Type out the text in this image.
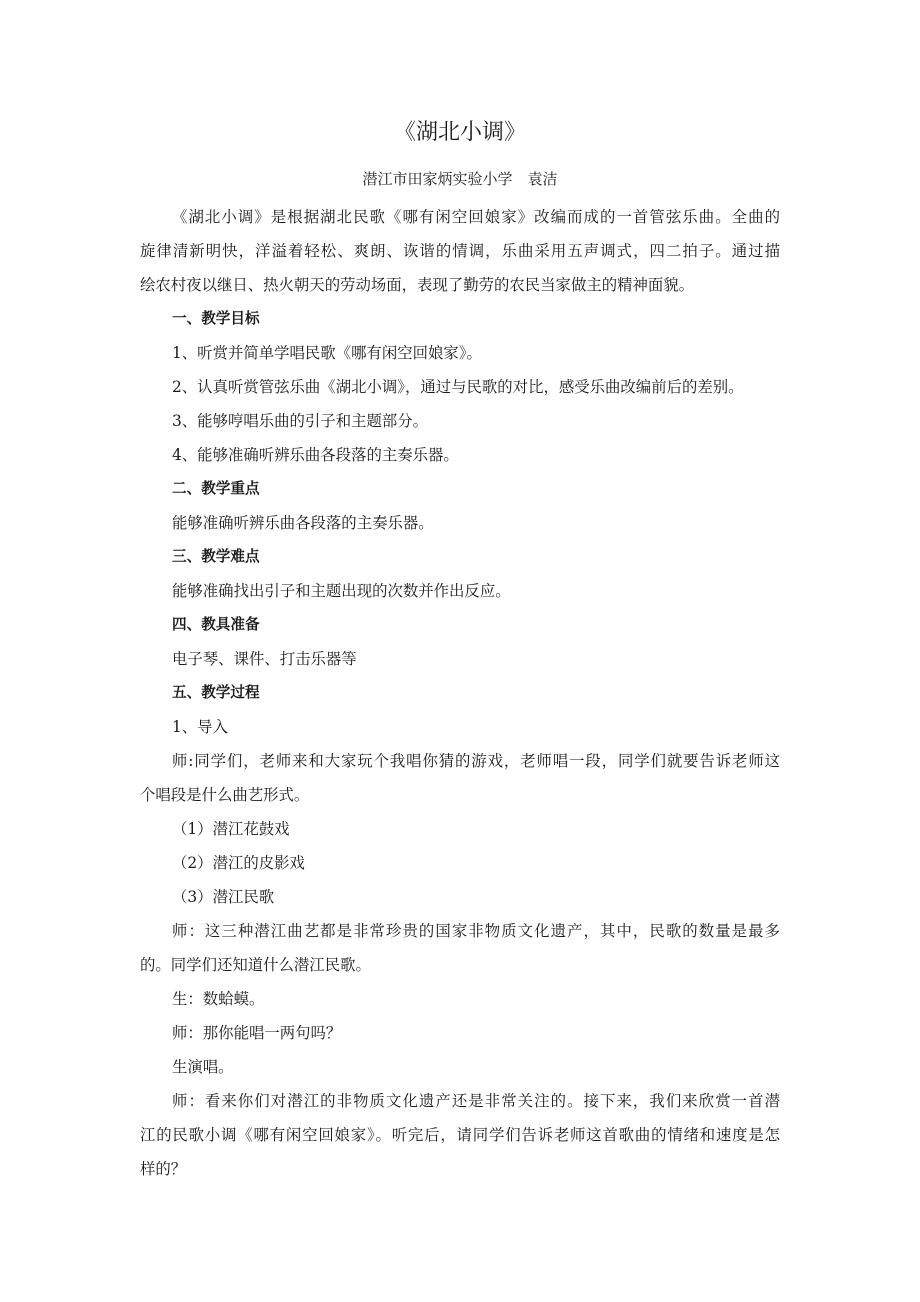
《湖北小调》
潜江市田家炳实验小学　袁洁
《湖北小调》是根据湖北民歌《哪有闲空回娘家》改编而成的一首管弦乐曲。全曲的
旋律清新明快，洋溢着轻松、爽朗、诙谐的情调，乐曲采用五声调式，四二拍子。通过描
绘农村夜以继日、热火朝天的劳动场面，表现了勤劳的农民当家做主的精神面貌。
一、教学目标
1、听赏并简单学唱民歌《哪有闲空回娘家》。
2、认真听赏管弦乐曲《湖北小调》，通过与民歌的对比，感受乐曲改编前后的差别。
3、能够哼唱乐曲的引子和主题部分。
4、能够准确听辨乐曲各段落的主奏乐器。
二、教学重点
能够准确听辨乐曲各段落的主奏乐器。
三、教学难点
能够准确找出引子和主题出现的次数并作出反应。
四、教具准备
电子琴、课件、打击乐器等
五、教学过程
1、导入
师:同学们，老师来和大家玩个我唱你猜的游戏，老师唱一段，同学们就要告诉老师这
个唱段是什么曲艺形式。
（1）潜江花鼓戏
（2）潜江的皮影戏
（3）潜江民歌
师：这三种潜江曲艺都是非常珍贵的国家非物质文化遗产，其中，民歌的数量是最多
的。同学们还知道什么潜江民歌。
生：数蛤蟆。
师：那你能唱一两句吗？
生演唱。
师：看来你们对潜江的非物质文化遗产还是非常关注的。接下来，我们来欣赏一首潜
江的民歌小调《哪有闲空回娘家》。听完后，请同学们告诉老师这首歌曲的情绪和速度是怎
样的？
